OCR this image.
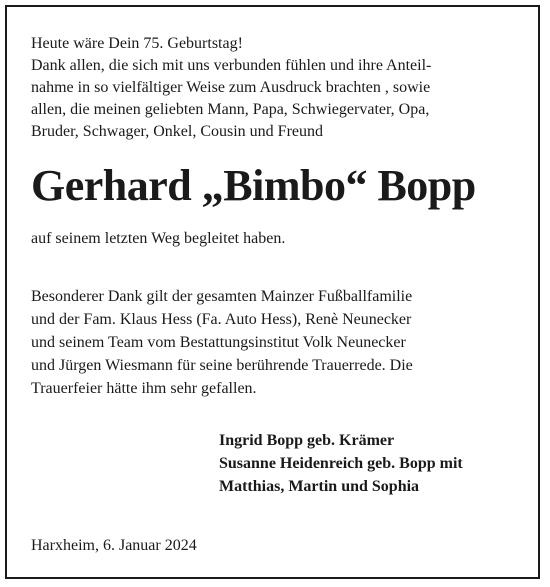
Heute wäre Dein 75. Geburtstag!
Dank allen, die sich mit uns verbunden fühlen und ihre Anteil-
nahme in so vielfältiger Weise zum Ausdruck brachten , sowie
allen, die meinen geliebten Mann, Papa, Schwiegervater, Opa,
Bruder, Schwager, Onkel, Cousin und Freund
Gerhard „Bimbo“ Bopp
auf seinem letzten Weg begleitet haben.
Besonderer Dank gilt der gesamten Mainzer Fußballfamilie
und der Fam. Klaus Hess (Fa. Auto Hess), Renè Neunecker
und seinem Team vom Bestattungsinstitut Volk Neunecker
und Jürgen Wiesmann für seine berührende Trauerrede. Die
Trauerfeier hätte ihm sehr gefallen.
Ingrid Bopp geb. Krämer
Susanne Heidenreich geb. Bopp mit
Matthias, Martin und Sophia
Harxheim, 6. Januar 2024
